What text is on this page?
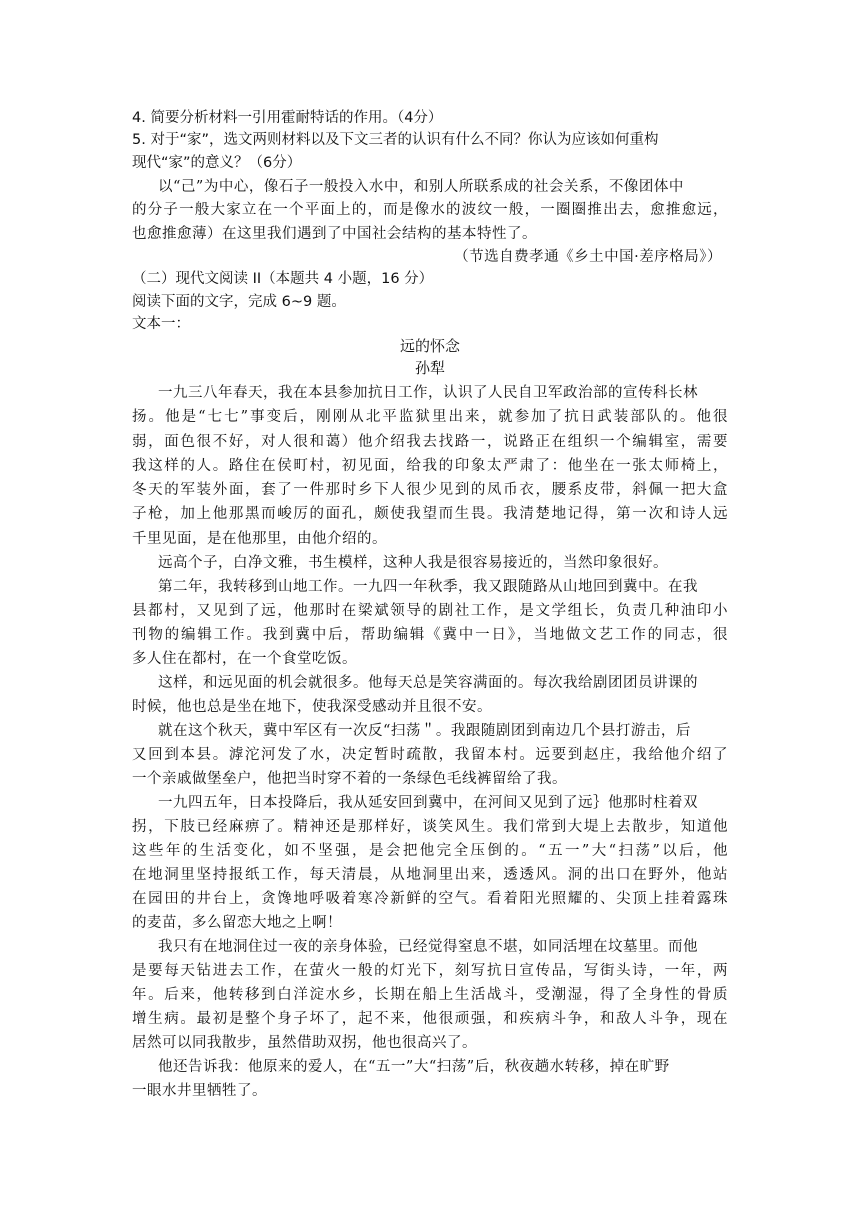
4. 简要分析材料一引用霍耐特话的作用。（4分）
5. 对于“家”，选文两则材料以及下文三者的认识有什么不同？你认为应该如何重构
现代“家”的意义？（6分）
以“己”为中心，像石子一般投入水中，和别人所联系成的社会关系，不像团体中
的分子一般大家立在一个平面上的，而是像水的波纹一般，一圈圈推出去，愈推愈远，
也愈推愈薄）在这里我们遇到了中国社会结构的基本特性了。
（节选自费孝通《乡土中国·差序格局》）
（二）现代文阅读 II（本题共 4 小题，16 分）
阅读下面的文字，完成 6~9 题。
文本一：
远的怀念
孙犁
一九三八年春天，我在本县参加抗日工作，认识了人民自卫军政治部的宣传科长林
扬。他是“七七”事变后，刚刚从北平监狱里出来，就参加了抗日武装部队的。他很
弱，面色很不好，对人很和蔼）他介绍我去找路一，说路正在组织一个编辑室，需要
我这样的人。路住在侯町村，初见面，给我的印象太严肃了：他坐在一张太师椅上，
冬天的军装外面，套了一件那时乡下人很少见到的凤币衣，腰系皮带，斜佩一把大盒
子枪，加上他那黑而峻厉的面孔，颇使我望而生畏。我清楚地记得，第一次和诗人远
千里见面，是在他那里，由他介绍的。
远高个子，白净文雅，书生模样，这种人我是很容易接近的，当然印象很好。
第二年，我转移到山地工作。一九四一年秋季，我又跟随路从山地回到冀中。在我
县都村，又见到了远，他那时在梁斌领导的剧社工作，是文学组长，负责几种油印小
刊物的编辑工作。我到冀中后，帮助编辑《冀中一日》，当地做文艺工作的同志，很
多人住在都村，在一个食堂吃饭。
这样，和远见面的机会就很多。他每天总是笑容满面的。每次我给剧团团员讲课的
时候，他也总是坐在地下，使我深受感动并且很不安。
就在这个秋天，冀中军区有一次反“扫荡＂。我跟随剧团到南边几个县打游击，后
又回到本县。滹沱河发了水，决定暂时疏散，我留本村。远要到赵庄，我给他介绍了
一个亲戚做堡垒户，他把当时穿不着的一条绿色毛线裤留给了我。
一九四五年，日本投降后，我从延安回到冀中，在河间又见到了远｝他那时柱着双
拐，下肢已经麻痹了。精神还是那样好，谈笑风生。我们常到大堤上去散步，知道他
这些年的生活变化，如不坚强，是会把他完全压倒的。“五一”大“扫荡”以后，他
在地洞里坚持报纸工作，每天清晨，从地洞里出来，透透风。洞的出口在野外，他站
在园田的井台上，贪馋地呼吸着寒冷新鲜的空气。看着阳光照耀的、尖顶上挂着露珠
的麦苗，多么留恋大地之上啊！
我只有在地洞住过一夜的亲身体验，已经觉得窒息不堪，如同活埋在坟墓里。而他
是要每天钻进去工作，在萤火一般的灯光下，刻写抗日宣传品，写街头诗，一年，两
年。后来，他转移到白洋淀水乡，长期在船上生活战斗，受潮湿，得了全身性的骨质
增生病。最初是整个身子坏了，起不来，他很顽强，和疾病斗争，和敌人斗争，现在
居然可以同我散步，虽然借助双拐，他也很高兴了。
他还告诉我：他原来的爱人，在“五一”大“扫荡”后，秋夜趟水转移，掉在旷野
一眼水井里牺牲了。
